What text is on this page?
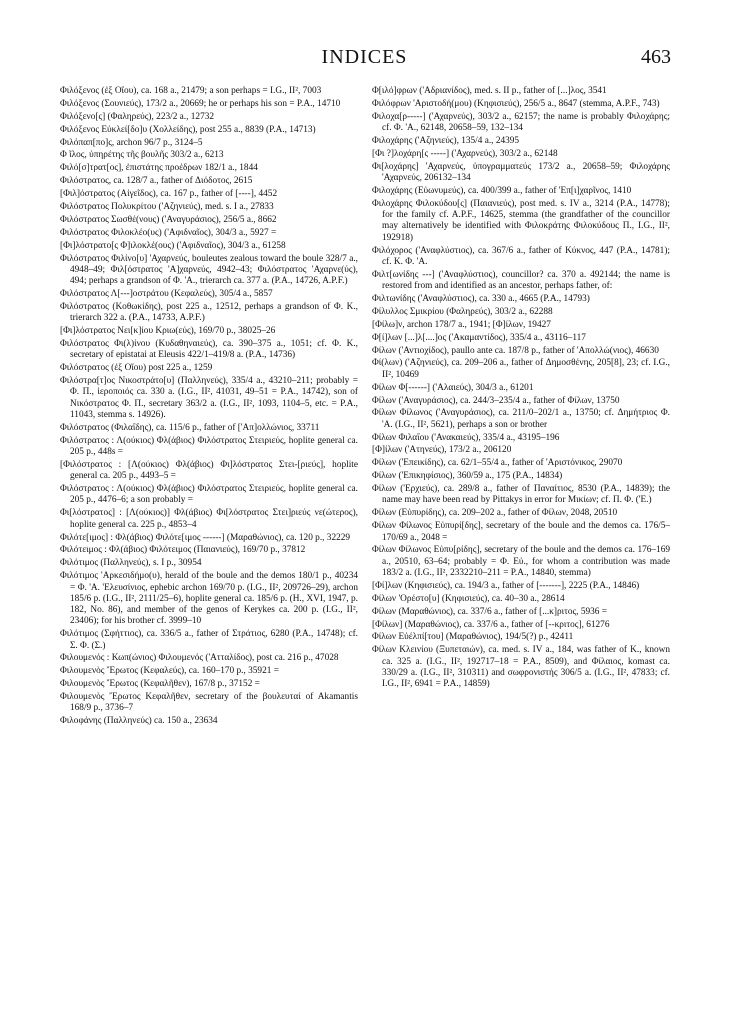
INDICES	463

Φιλόξενος (ἐξ Οἴου), ca. 168 a., 21479; a son perhaps = I.G., II², 7003

Φιλόξενος (Σουνιεύς), 173/2 a., 20669; he or perhaps his son = P.A., 14710

Φιλόξενο[ς] (Φαληρεύς), 223/2 a., 12732

Φιλόξενος Εὐκλεί[δο]υ (Χολλείδης), post 255 a., 8839 (P.A., 14713)

Φιλόπαπ[πο]ς, archon 96/7 p., 3124–5

Φ ῖλος, ὑπηρέτης τῆς βουλῆς 303/2 a., 6213

Φιλό[σ]τρατ[ος], ἐπιστάτης προέδρων 182/1 a., 1844

Φιλόστρατος, ca. 128/7 a., father of Διόδοτος, 2615

[Φιλ]όστρατος (Αἰγεῖδος), ca. 167 p., father of [----], 4452

Φιλόστρατος Πολυκρίτου ('Αζηνιεύς), med. s. I a., 27833

Φιλόστρατος Σωσθέ(νους) ('Αναγυράσιος), 256/5 a., 8662

Φιλόστρατος Φιλοκλέο(υς) ('Αφιδναῖος), 304/3 a., 5927 =

[Φι]λόστρατο[ς Φ]ιλοκλέ(ους) ('Αφιδναῖος), 304/3 a., 61258

Φιλόστρατος Φιλίνο[υ] 'Αχαρνεύς, bouleutes zealous toward the boule 328/7 a., 4948–49; Φιλ[όστρατος 'Α]χαρνεύς, 4942–43; Φιλόστρατος 'Αχαρνε(ύς), 494; perhaps a grandson of Φ. 'Α., trierarch ca. 377 a. (P.A., 14726, A.P.F.)

Φιλόστρατος Λ[---]οστράτου (Κεφαλεύς), 305/4 a., 5857

Φιλόστρατος (Κοθωκίδης), post 225 a., 12512, perhaps a grandson of Φ. Κ., trierarch 322 a. (P.A., 14733, A.P.F.)

[Φι]λόστρατος Νει[κ]ίου Κριω(εύς), 169/70 p., 38025–26

Φιλόστρατος Φι(λ)ίνου (Κυδαθηναιεύς), ca. 390–375 a., 1051; cf. Φ. Κ., secretary of epistatai at Eleusis 422/1–419/8 a. (P.A., 14736)

Φιλόστρατος (ἐξ Οἴου) post 225 a., 1259

Φιλόστρα[τ]ος Νικοστράτο[υ] (Παλληνεύς), 335/4 a., 43210–211; probably = Φ. Π., ἱεροποιός ca. 330 a. (I.G., II², 41031, 49–51 = P.A., 14742), son of Νικόστρατος Φ. Π., secretary 363/2 a. (I.G., II², 1093, 1104–5, etc. = P.A., 11043, stemma s. 14926).

Φιλόστρατος (Φιλαΐδης), ca. 115/6 p., father of ['Απ]ολλώνιος, 33711

Φιλόστρατος : Λ(ούκιος) Φλ(άβιος) Φιλόστρατος Στειριεύς, hoplite general ca. 205 p., 448s =

[Φιλόστρατος : [Λ(ούκιος) Φλ(άβιος) Φι]λόστρατος Στει-[ριεύς], hoplite general ca. 205 p., 4493–5 =

Φιλόστρατος : Λ(ούκιος) Φλ(άβιος) Φιλόστρατος Στειριεύς, hoplite general ca. 205 p., 4476–6; a son probably =

Φι[λόστρατος] : [Λ(ούκιος)] Φλ(άβιος) Φι[λόστρατος Στει]ριεύς νε(ώτερος), hoplite general ca. 225 p., 4853–4

Φιλότε[ιμος] : Φλ(άβιος) Φιλότε[ιμος ------] (Μαραθώνιος), ca. 120 p., 32229

Φιλότειμος : Φλ(άβιος) Φιλότειμος (Παιανιεύς), 169/70 p., 37812

Φιλότιμος (Παλληνεύς), s. I p., 30954

Φιλότιμος 'Αρκεσιδήμο(υ), herald of the boule and the demos 180/1 p., 40234 = Φ. 'Α. 'Ελευσίνιος, ephebic archon 169/70 p. (I.G., II², 209726–29), archon 185/6 p. (I.G., II², 2111/25–6), hoplite general ca. 185/6 p. (H., XVI, 1947, p. 182, No. 86), and member of the genos of Kerykes ca. 200 p. (I.G., II², 23406); for his brother cf. 3999–10

Φιλότιμος (Σφήττιος), ca. 336/5 a., father of Στράτιος, 6280 (P.A., 14748); cf. Σ. Φ. (Σ.)

Φιλουμενός : Κωπ(ώνιος) Φιλουμενός ('Ατταλίδος), post ca. 216 p., 47028

Φιλουμενὸς Ἔρωτος (Κεφαλεύς), ca. 160–170 p., 35921 =

Φιλουμενὸς Ἔρωτος (Κεφαλῆθεν), 167/8 p., 37152 =

Φιλουμενὸς Ἔρωτος Κεφαλῆθεν, secretary of the βουλευταί of Akamantis 168/9 p., 3736–7

Φιλοφάνης (Παλληνεύς) ca. 150 a., 23634

Φ[ιλό]φρων ('Αδριανίδος), med. s. II p., father of [...]λος, 3541

Φιλόφρων 'Αριστοδή(μου) (Κηφισιεύς), 256/5 a., 8647 (stemma, A.P.F., 743)

Φιλοχα[ρ-----] ('Αχαρνεύς), 303/2 a., 62157; the name is probably Φιλοχάρης; cf. Φ. 'Α., 62148, 20658–59, 132–134

Φιλοχάρης ('Αζηνιεύς), 135/4 a., 24395

[Φι ?]λοχάρη[ς -----] ('Αχαρνεύς), 303/2 a., 62148

Φι[λοχάρης] 'Αχαρνεύς, ὑπογραμματεύς 173/2 a., 20658–59; Φιλοχάρης 'Αχαρνεύς, 206132–134

Φιλοχάρης (Εὐωνυμεύς), ca. 400/399 a., father of 'Επ[ι]χαρῖνος, 1410

Φιλοχάρης Φιλοκύδου[ς] (Παιανιεύς), post med. s. IV a., 3214 (P.A., 14778); for the family cf. A.P.F., 14625, stemma (the grandfather of the councillor may alternatively be identified with Φιλοκράτης Φιλοκύδους Π., I.G., II², 192918)

Φιλόχορος ('Αναφλύστιος), ca. 367/6 a., father of Κύκνος, 447 (P.A., 14781); cf. Κ. Φ. 'Α.

Φιλτ[ωνίδης ---] ('Αναφλύστιος), councillor? ca. 370 a. 492144; the name is restored from and identified as an ancestor, perhaps father, of:

Φιλτωνίδης ('Αναφλύστιος), ca. 330 a., 4665 (P.A., 14793)

Φίλυλλος Σμικρίου (Φαληρεύς), 303/2 a., 62288

[Φίλω]ν, archon 178/7 a., 1941; [Φ]ίλων, 19427

Φ[ί]λων [...]λ[....]ος ('Ακαμαντίδος), 335/4 a., 43116–117

Φίλων ('Αντιοχίδος), paullo ante ca. 187/8 p., father of 'Απολλώ(νιος), 46630

Φί(λων) ('Αζηνιεύς), ca. 209–206 a., father of Δημοσθένης, 205[8], 23; cf. I.G., II², 10469

Φίλων Φ[------] ('Αλαιεύς), 304/3 a., 61201

Φίλων ('Αναγυράσιος), ca. 244/3–235/4 a., father of Φίλων, 13750

Φίλων Φίλωνος ('Αναγυράσιος), ca. 211/0–202/1 a., 13750; cf. Δημήτριος Φ. 'Α. (I.G., II², 5621), perhaps a son or brother

Φίλων Φιλαΐου ('Ανακαιεύς), 335/4 a., 43195–196

[Φ]ίλων ('Ατηνεύς), 173/2 a., 206120

Φίλων ('Επεικίδης), ca. 62/1–55/4 a., father of 'Αριστόνικος, 29070

Φίλων ('Επικηφίσιος), 360/59 a., 175 (P.A., 14834)

Φίλων ('Ερχιεύς), ca. 289/8 a., father of Παναίτιος, 8530 (P.A., 14839); the name may have been read by Pittakys in error for Μικίων; cf. Π. Φ. ('Ε.)

Φίλων (Εὐπυρίδης), ca. 209–202 a., father of Φίλων, 2048, 20510

Φίλων Φίλωνος Εὐπυρί[δης], secretary of the boule and the demos ca. 176/5–170/69 a., 2048 =

Φίλων Φίλωνος Εὐπυ[ρίδης], secretary of the boule and the demos ca. 176–169 a., 20510, 63–64; probably = Φ. Εὐ., for whom a contribution was made 183/2 a. (I.G., II², 2332210–211 = P.A., 14840, stemma)

[Φί]λων (Κηφισιεύς), ca. 194/3 a., father of [-------], 2225 (P.A., 14846)

Φίλων 'Ορέστο[υ] (Κηφισιεύς), ca. 40–30 a., 28614

Φίλων (Μαραθώνιος), ca. 337/6 a., father of [...κ]ριτος, 5936 =

[Φίλων] (Μαραθώνιος), ca. 337/6 a., father of [--κριτος], 61276

Φίλων Εὐέλπί[του] (Μαραθώνιος), 194/5(?) p., 42411

Φίλων Κλεινίου (Ξυπεταιών), ca. med. s. IV a., 184, was father of Κ., known ca. 325 a. (I.G., II², 192717–18 = P.A., 8509), and Φίλαιος, komast ca. 330/29 a. (I.G., II², 310311) and σωφρονιστής 306/5 a. (I.G., II², 47833; cf. I.G., II², 6941 = P.A., 14859)
